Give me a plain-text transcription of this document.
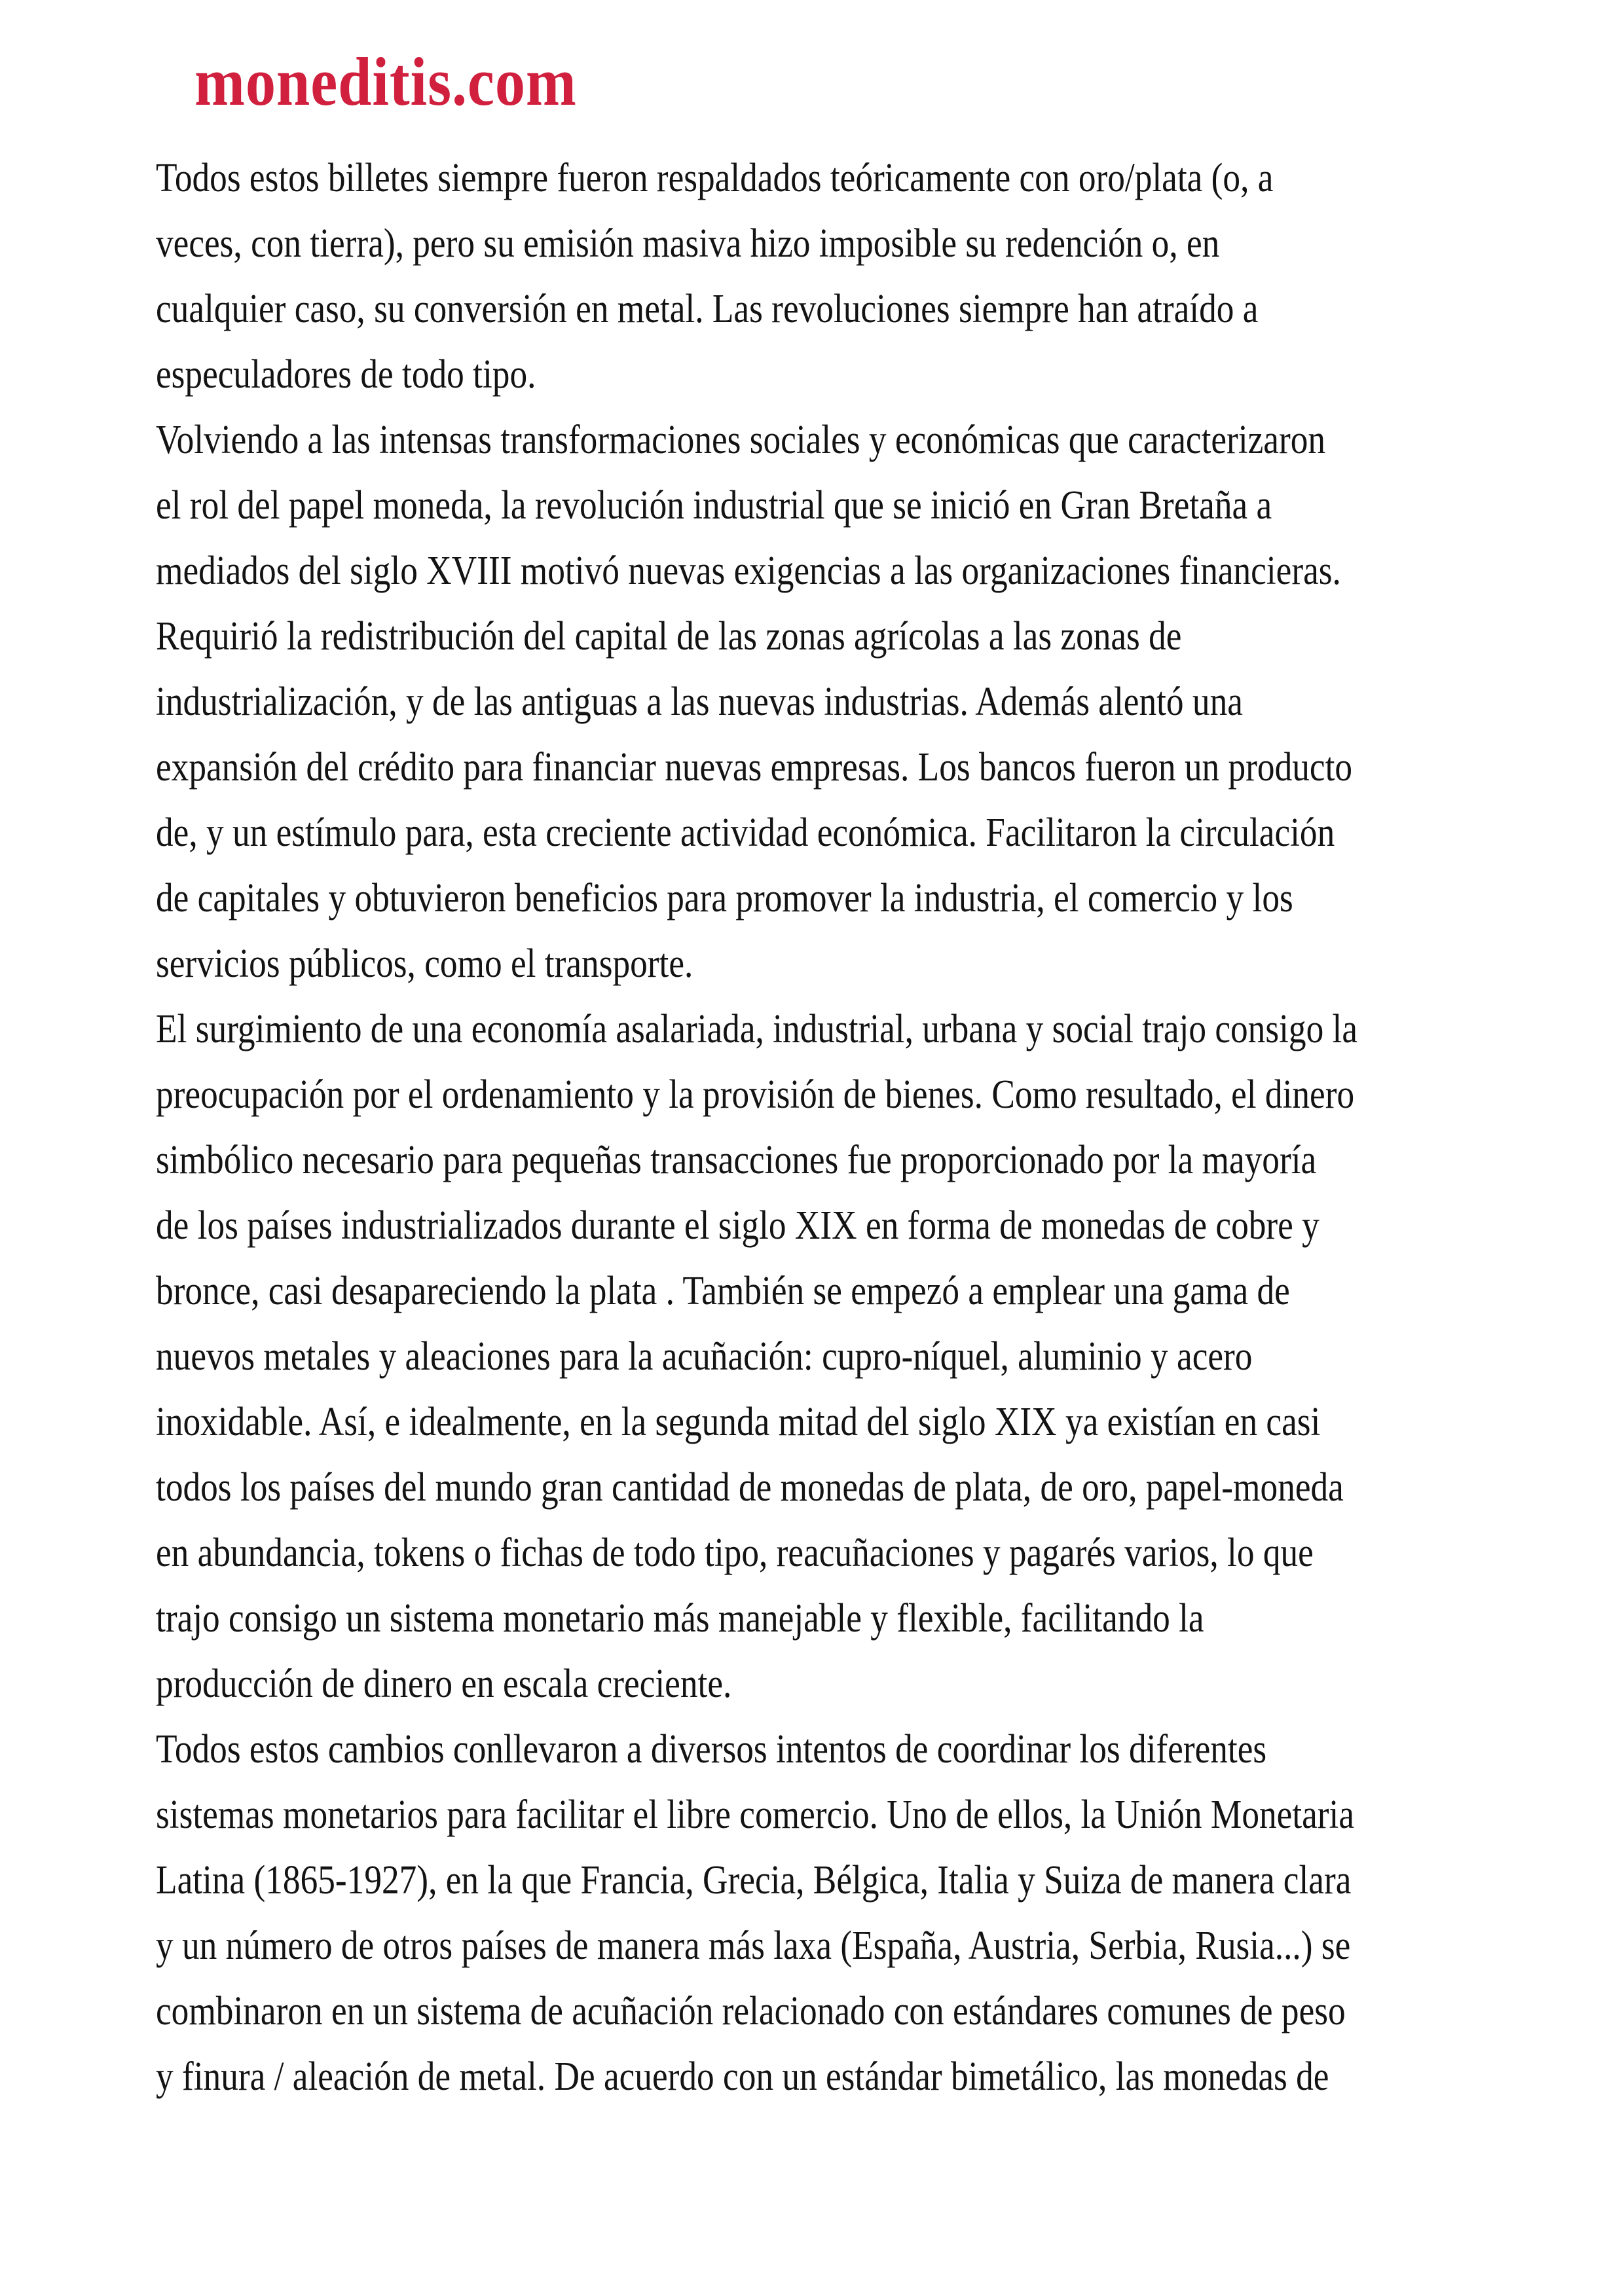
moneditis.com
Todos estos billetes siempre fueron respaldados teóricamente con oro/plata (o, a
veces, con tierra), pero su emisión masiva hizo imposible su redención o, en
cualquier caso, su conversión en metal. Las revoluciones siempre han atraído a
especuladores de todo tipo.
Volviendo a las intensas transformaciones sociales y económicas que caracterizaron
el rol del papel moneda, la revolución industrial que se inició en Gran Bretaña a
mediados del siglo XVIII motivó nuevas exigencias a las organizaciones financieras.
Requirió la redistribución del capital de las zonas agrícolas a las zonas de
industrialización, y de las antiguas a las nuevas industrias. Además alentó una
expansión del crédito para financiar nuevas empresas. Los bancos fueron un producto
de, y un estímulo para, esta creciente actividad económica. Facilitaron la circulación
de capitales y obtuvieron beneficios para promover la industria, el comercio y los
servicios públicos, como el transporte.
El surgimiento de una economía asalariada, industrial, urbana y social trajo consigo la
preocupación por el ordenamiento y la provisión de bienes. Como resultado, el dinero
simbólico necesario para pequeñas transacciones fue proporcionado por la mayoría
de los países industrializados durante el siglo XIX en forma de monedas de cobre y
bronce, casi desapareciendo la plata . También se empezó a emplear una gama de
nuevos metales y aleaciones para la acuñación: cupro-níquel, aluminio y acero
inoxidable. Así, e idealmente, en la segunda mitad del siglo XIX ya existían en casi
todos los países del mundo gran cantidad de monedas de plata, de oro, papel-moneda
en abundancia, tokens o fichas de todo tipo, reacuñaciones y pagarés varios, lo que
trajo consigo un sistema monetario más manejable y flexible, facilitando la
producción de dinero en escala creciente.
Todos estos cambios conllevaron a diversos intentos de coordinar los diferentes
sistemas monetarios para facilitar el libre comercio. Uno de ellos, la Unión Monetaria
Latina (1865-1927), en la que Francia, Grecia, Bélgica, Italia y Suiza de manera clara
y un número de otros países de manera más laxa (España, Austria, Serbia, Rusia...) se
combinaron en un sistema de acuñación relacionado con estándares comunes de peso
y finura / aleación de metal. De acuerdo con un estándar bimetálico, las monedas de
